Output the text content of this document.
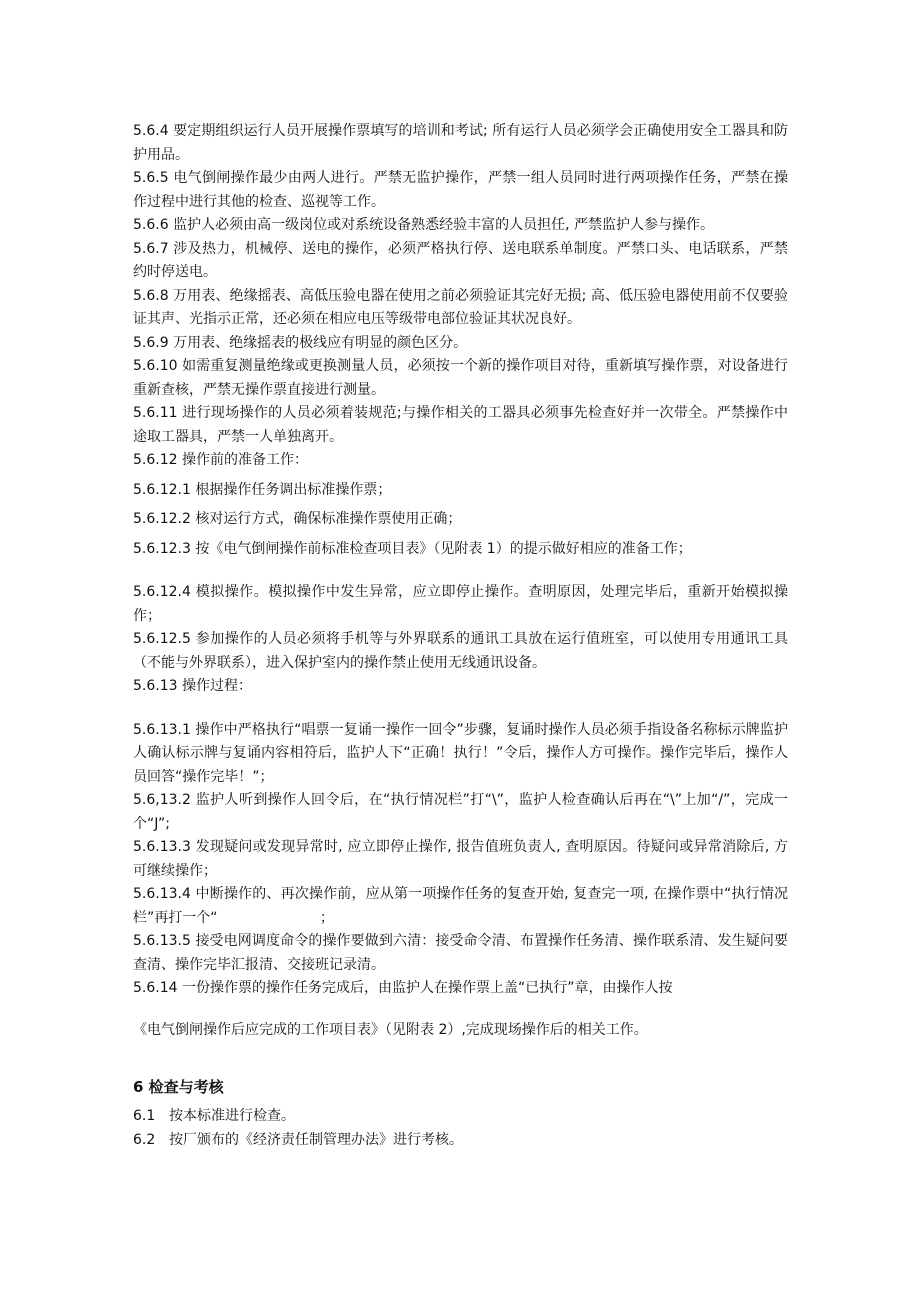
5.6.4 要定期组织运行人员开展操作票填写的培训和考试; 所有运行人员必须学会正确使用安全工器具和防护用品。

5.6.5 电气倒闸操作最少由两人进行。严禁无监护操作，严禁一组人员同时进行两项操作任务，严禁在操作过程中进行其他的检查、巡视等工作。

5.6.6 监护人必须由高一级岗位或对系统设备熟悉经验丰富的人员担任, 严禁监护人参与操作。

5.6.7 涉及热力，机械停、送电的操作，必须严格执行停、送电联系单制度。严禁口头、电话联系，严禁约时停送电。

5.6.8 万用表、绝缘摇表、高低压验电器在使用之前必须验证其完好无损; 高、低压验电器使用前不仅要验证其声、光指示正常，还必须在相应电压等级带电部位验证其状况良好。

5.6.9 万用表、绝缘摇表的极线应有明显的颜色区分。

5.6.10 如需重复测量绝缘或更换测量人员，必须按一个新的操作项目对待，重新填写操作票，对设备进行重新查核，严禁无操作票直接进行测量。

5.6.11 进行现场操作的人员必须着装规范;与操作相关的工器具必须事先检查好并一次带全。严禁操作中途取工器具，严禁一人单独离开。

5.6.12 操作前的准备工作：

5.6.12.1 根据操作任务调出标准操作票；

5.6.12.2 核对运行方式，确保标准操作票使用正确；

5.6.12.3 按《电气倒闸操作前标准检查项目表》（见附表 1）的提示做好相应的准备工作；

5.6.12.4 模拟操作。模拟操作中发生异常，应立即停止操作。查明原因，处理完毕后，重新开始模拟操作；

5.6.12.5 参加操作的人员必须将手机等与外界联系的通讯工具放在运行值班室，可以使用专用通讯工具（不能与外界联系），进入保护室内的操作禁止使用无线通讯设备。

5.6.13 操作过程：

5.6.13.1 操作中严格执行“唱票一复诵一操作一回令”步骤，复诵时操作人员必须手指设备名称标示牌监护人确认标示牌与复诵内容相符后，监护人下“正确！执行！”令后，操作人方可操作。操作完毕后，操作人员回答“操作完毕！”；

5.6,13.2 监护人听到操作人回令后，在“执行情况栏”打“\”，监护人检查确认后再在“\”上加“/”，完成一个“J”;

5.6.13.3 发现疑问或发现异常时, 应立即停止操作, 报告值班负责人, 查明原因。待疑问或异常消除后, 方可继续操作；

5.6.13.4 中断操作的、再次操作前，应从第一项操作任务的复查开始, 复查完一项, 在操作票中“执行情况栏”再打一个“                       ；

5.6.13.5 接受电网调度命令的操作要做到六清：接受命令清、布置操作任务清、操作联系清、发生疑问要查清、操作完毕汇报清、交接班记录清。

5.6.14 一份操作票的操作任务完成后，由监护人在操作票上盖“已执行”章，由操作人按

《电气倒闸操作后应完成的工作项目表》（见附表 2）,完成现场操作后的相关工作。

6 检查与考核
6.1 按本标准进行检查。
6.2 按厂颁布的《经济责任制管理办法》进行考核。
